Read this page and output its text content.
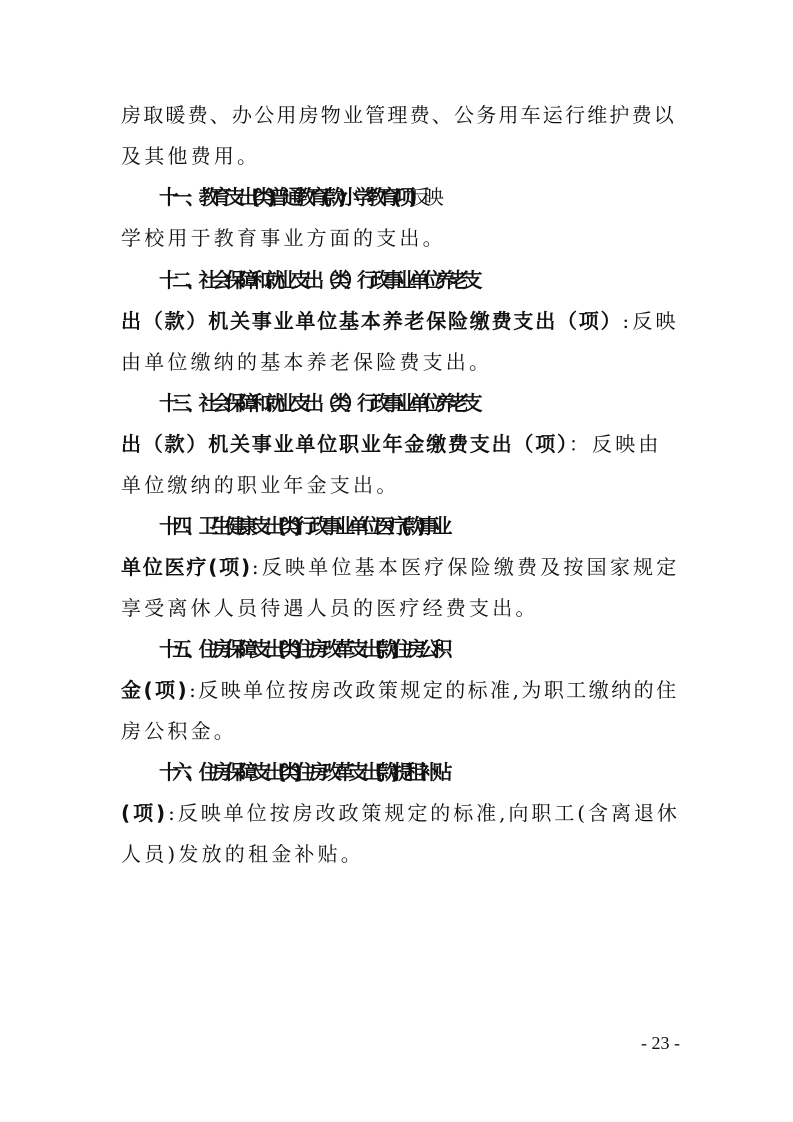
房取暖费、办公用房物业管理费、公务用车运行维护费以
及其他费用。
十一、教育支出(类)普通教育(款)小学教育(项):反映
学校用于教育事业方面的支出。
十二、社会保障和就业支出（类）行政事业单位养老支
出（款）机关事业单位基本养老保险缴费支出（项）:反映
由单位缴纳的基本养老保险费支出。
十三、社会保障和就业支出（类）行政事业单位养老支
出（款）机关事业单位职业年金缴费支出（项）：反映由
单位缴纳的职业年金支出。
十四、卫生健康支出(类)行政事业单位医疗(款)事业
单位医疗(项):反映单位基本医疗保险缴费及按国家规定
享受离休人员待遇人员的医疗经费支出。
十五、住房保障支出(类)住房改革支出(款)住房公积
金(项):反映单位按房改政策规定的标准,为职工缴纳的住
房公积金。
十六、住房保障支出(类)住房改革支出(款)提租补贴
(项):反映单位按房改政策规定的标准,向职工(含离退休
人员)发放的租金补贴。
- 23 -
